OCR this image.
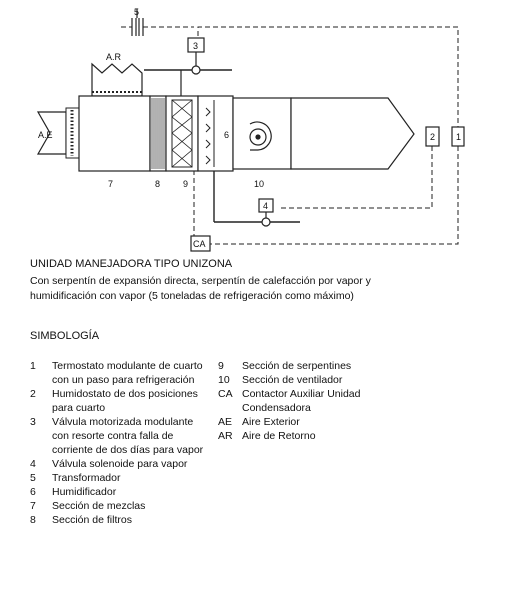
5
3
A.R
A.E
7	8	9
6
10
2 1
4
CA
UNIDAD MANEJADORA TIPO UNIZONA
Con serpentín de expansión directa, serpentín de calefacción por vapor y humidificación con vapor (5 toneladas de refrigeración como máximo)
SIMBOLOGÍA
1	Termostato modulante de cuarto con un paso para refrigeración
2	Humidostato de dos posiciones para cuarto
3	Válvula motorizada modulante con resorte contra falla de corriente de dos días para vapor
4	Válvula solenoide para vapor
5	Transformador
6	Humidificador
7	Sección de mezclas
8	Sección de filtros
9	Sección de serpentines
10	Sección de ventilador
CA Contactor Auxiliar Unidad Condensadora
AE Aire Exterior
AR Aire de Retorno
